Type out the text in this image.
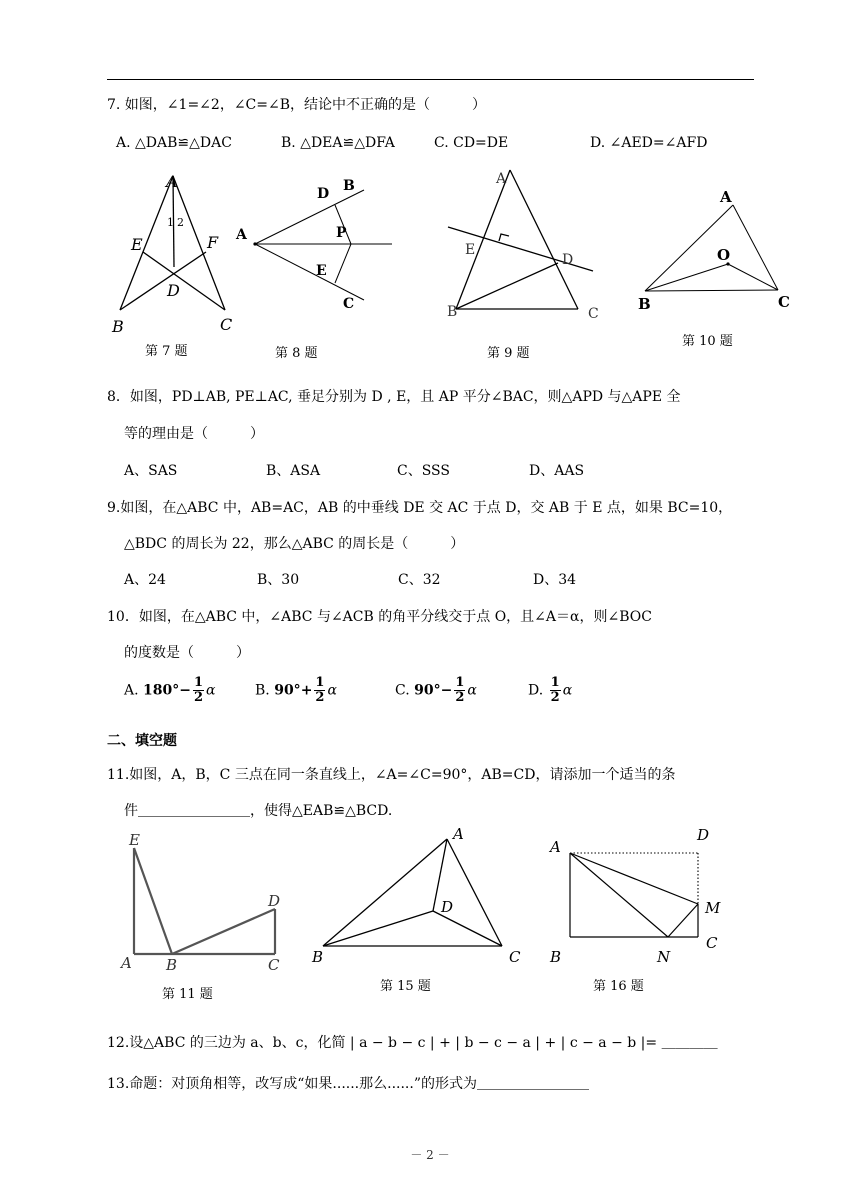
7. 如图，∠1=∠2，∠C=∠B，结论中不正确的是（　　　）
A. △DAB≌△DAC	B. △DEA≌△DFA	C. CD=DE	D. ∠AED=∠AFD
A
1 2
E	F
D
B	C
第 7 题
A
D B
P
E
C
第 8 题
A
E
D
B	C
第 9 题
A
O
B	C
第 10 题
8．如图，PD⊥AB, PE⊥AC, 垂足分别为 D , E，且 AP 平分∠BAC，则△APD 与△APE 全
等的理由是（　　　）
A、SAS	B、ASA	C、SSS	D、AAS
9.如图，在△ABC 中，AB=AC，AB 的中垂线 DE 交 AC 于点 D，交 AB 于 E 点，如果 BC=10，
△BDC 的周长为 22，那么△ABC 的周长是（　　　）
A、24	B、30	C、32	D、34
10．如图，在△ABC 中，∠ABC 与∠ACB 的角平分线交于点 O，且∠A＝α，则∠BOC
的度数是（　　　）
A. $180^\circ- \frac{1}{2}$ α	B. $90^\circ+ \frac{1}{2}$ α	C. $90^\circ- \frac{1}{2}$ α	D. $\frac{1}{2}$ α
二、填空题
11.如图，A，B，C 三点在同一条直线上，∠A=∠C=90°，AB=CD，请添加一个适当的条
件＿＿＿＿＿＿＿＿，使得△EAB≌△BCD.
E
D
A B	C
第 11 题
A
D
B	C
第 15 题
A
D
M
C
B	N
第 16 题
12.设△ABC 的三边为 a、b、c，化简 | a − b − c | + | b − c − a | + | c − a − b |= ＿＿＿＿
13.命题：对顶角相等，改写成“如果......那么......”的形式为＿＿＿＿＿＿＿＿
－ 2 －
